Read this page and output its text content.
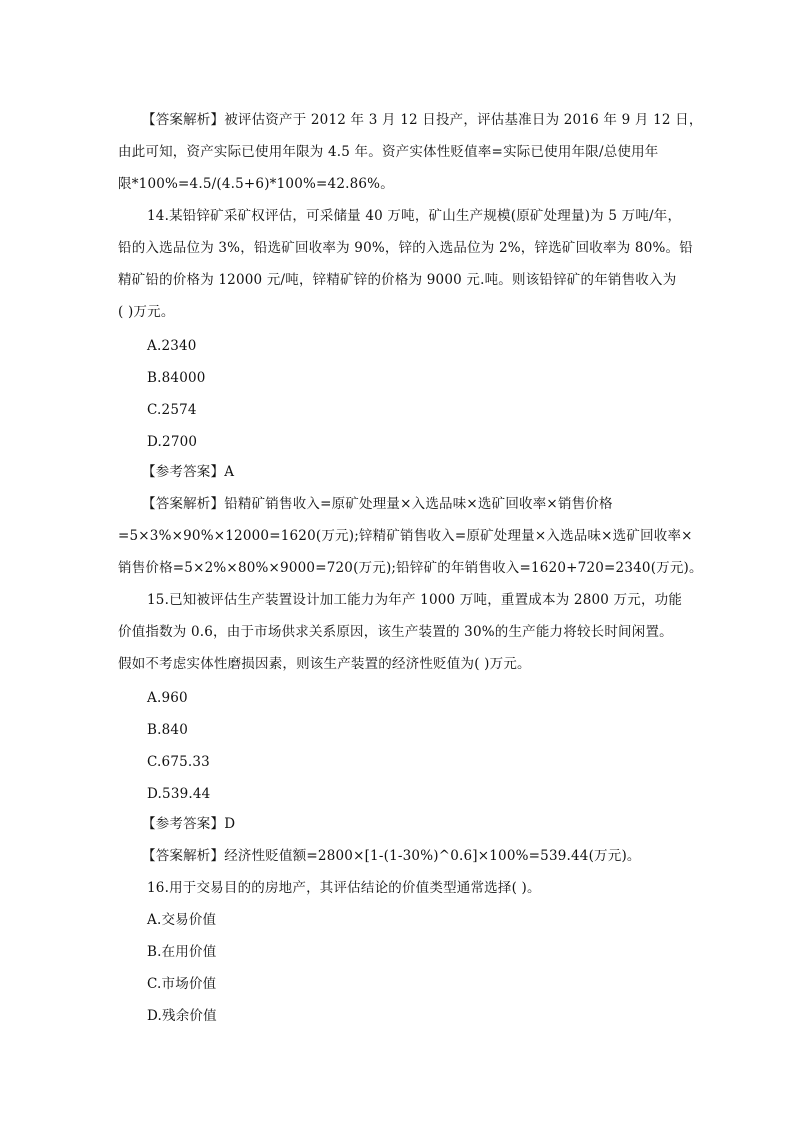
【答案解析】被评估资产于 2012 年 3 月 12 日投产，评估基准日为 2016 年 9 月 12 日，
由此可知，资产实际已使用年限为 4.5 年。资产实体性贬值率=实际已使用年限/总使用年
限*100%=4.5/(4.5+6)*100%=42.86%。
14.某铅锌矿采矿权评估，可采储量 40 万吨，矿山生产规模(原矿处理量)为 5 万吨/年，
铅的入选品位为 3%，铅选矿回收率为 90%，锌的入选品位为 2%，锌选矿回收率为 80%。铅
精矿铅的价格为 12000 元/吨，锌精矿锌的价格为 9000 元.吨。则该铅锌矿的年销售收入为
( )万元。
A.2340
B.84000
C.2574
D.2700
【参考答案】A
【答案解析】铅精矿销售收入=原矿处理量×入选品味×选矿回收率×销售价格
=5×3%×90%×12000=1620(万元);锌精矿销售收入=原矿处理量×入选品味×选矿回收率×
销售价格=5×2%×80%×9000=720(万元);铅锌矿的年销售收入=1620+720=2340(万元)。
15.已知被评估生产装置设计加工能力为年产 1000 万吨，重置成本为 2800 万元，功能
价值指数为 0.6，由于市场供求关系原因，该生产装置的 30%的生产能力将较长时间闲置。
假如不考虑实体性磨损因素，则该生产装置的经济性贬值为( )万元。
A.960
B.840
C.675.33
D.539.44
【参考答案】D
【答案解析】经济性贬值额=2800×[1-(1-30%)^0.6]×100%=539.44(万元)。
16.用于交易目的的房地产，其评估结论的价值类型通常选择( )。
A.交易价值
B.在用价值
C.市场价值
D.残余价值
